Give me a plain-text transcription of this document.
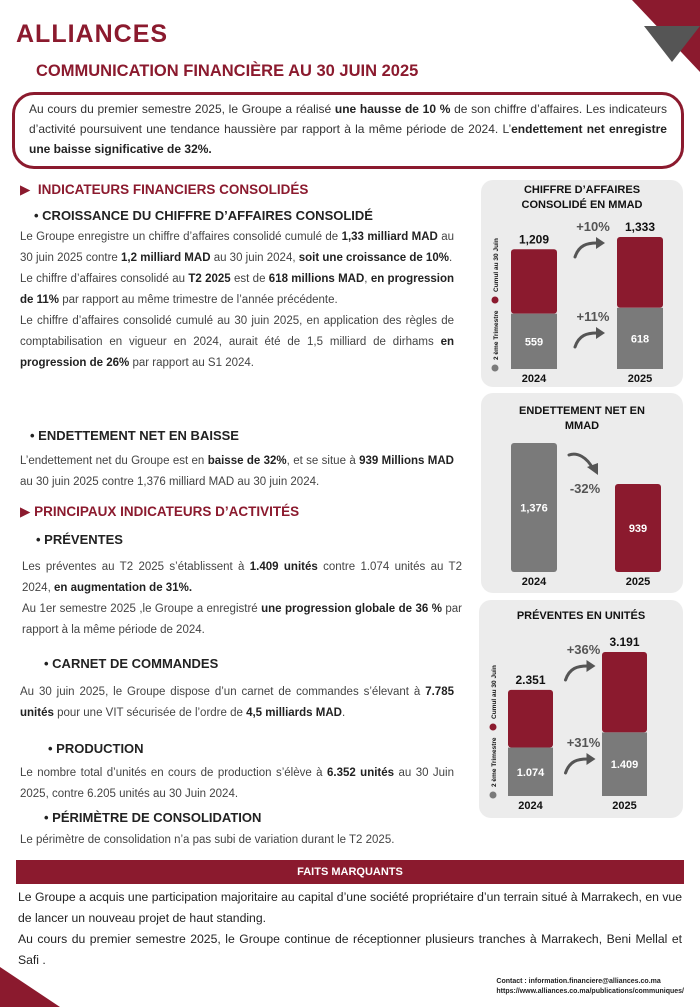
ALLIANCES
COMMUNICATION FINANCIÈRE AU 30 JUIN 2025
Au cours du premier semestre 2025, le Groupe a réalisé une hausse de 10 % de son chiffre d’affaires. Les indicateurs d’activité poursuivent une tendance haussière par rapport à la même période de 2024. L’endettement net enregistre une baisse significative de 32%.
▶ INDICATEURS FINANCIERS CONSOLIDÉS
• CROISSANCE DU CHIFFRE D’AFFAIRES CONSOLIDÉ
Le Groupe enregistre un chiffre d’affaires consolidé cumulé de 1,33 milliard MAD au 30 juin 2025 contre 1,2 milliard MAD au 30 juin 2024, soit une croissance de 10%.
Le chiffre d’affaires consolidé au T2 2025 est de 618 millions MAD, en progression de 11% par rapport au même trimestre de l’année précédente.
Le chiffre d’affaires consolidé cumulé au 30 juin 2025, en application des règles de comptabilisation en vigueur en 2024, aurait été de 1,5 milliard de dirhams en progression de 26% par rapport au S1 2024.
• ENDETTEMENT NET EN BAISSE
L’endettement net du Groupe est en baisse de 32%, et se situe à 939 Millions MAD au 30 juin 2025 contre 1,376 milliard MAD au 30 juin 2024.
▶ PRINCIPAUX INDICATEURS D’ACTIVITÉS
• PRÉVENTES
Les préventes au T2 2025 s’établissent à 1.409 unités contre 1.074 unités au T2 2024, en augmentation de 31%.
Au 1er semestre 2025 ,le Groupe a enregistré une progression globale de 36 % par rapport à la même période de 2024.
• CARNET DE COMMANDES
Au 30 juin 2025, le Groupe dispose d’un carnet de commandes s’élevant à 7.785 unités pour une VIT sécurisée de l’ordre de 4,5 milliards MAD.
• PRODUCTION
Le nombre total d’unités en cours de production s’élève à 6.352 unités au 30 Juin 2025, contre 6.205 unités au 30 Juin 2024.
• PÉRIMÈTRE DE CONSOLIDATION
Le périmètre de consolidation n’a pas subi de variation durant le T2 2025.
CHIFFRE D’AFFAIRES CONSOLIDÉ EN MMAD
1,209
559
2024
1,333
618
2025
+10%
+11%
2 ème Trimestre
Cumul au 30 Juin
ENDETTEMENT NET EN MMAD
1,376
2024
939
2025
-32%
PRÉVENTES EN UNITÉS
2.351
1.074
2024
3.191
1.409
2025
+36%
+31%
2 ème Trimestre
Cumul au 30 Juin
FAITS MARQUANTS
Le Groupe a acquis une participation majoritaire au capital d’une société propriétaire d’un terrain situé à Marrakech, en vue de lancer un nouveau projet de haut standing.
Au cours du premier semestre 2025, le Groupe continue de réceptionner plusieurs tranches à Marrakech, Beni Mellal et Safi .
Contact : information.financiere@alliances.co.ma
https://www.alliances.co.ma/publications/communiques/
